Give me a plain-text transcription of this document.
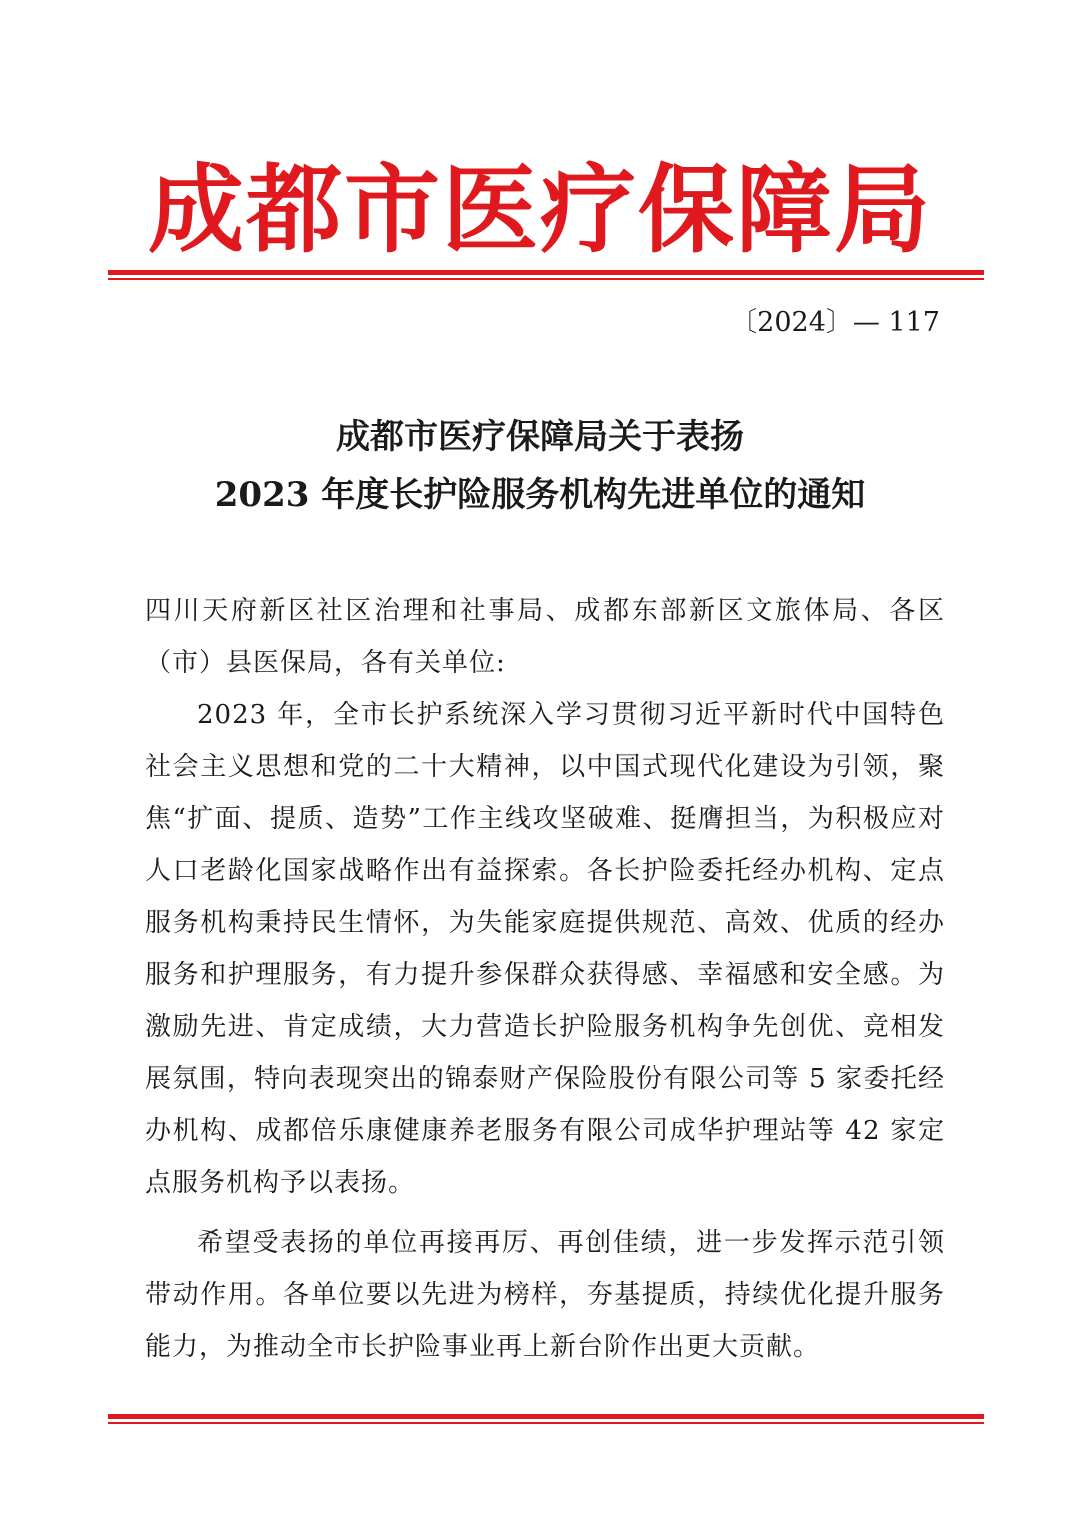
成都市医疗保障局
〔2024〕— 117
成都市医疗保障局关于表扬
2023 年度长护险服务机构先进单位的通知

四川天府新区社区治理和社事局、成都东部新区文旅体局、各区（市）县医保局，各有关单位:

2023 年，全市长护系统深入学习贯彻习近平新时代中国特色社会主义思想和党的二十大精神，以中国式现代化建设为引领，聚焦“扩面、提质、造势”工作主线攻坚破难、挺膺担当，为积极应对人口老龄化国家战略作出有益探索。各长护险委托经办机构、定点服务机构秉持民生情怀，为失能家庭提供规范、高效、优质的经办服务和护理服务，有力提升参保群众获得感、幸福感和安全感。为激励先进、肯定成绩，大力营造长护险服务机构争先创优、竞相发展氛围，特向表现突出的锦泰财产保险股份有限公司等 5 家委托经办机构、成都倍乐康健康养老服务有限公司成华护理站等 42 家定点服务机构予以表扬。

希望受表扬的单位再接再厉、再创佳绩，进一步发挥示范引领带动作用。各单位要以先进为榜样，夯基提质，持续优化提升服务能力，为推动全市长护险事业再上新台阶作出更大贡献。
